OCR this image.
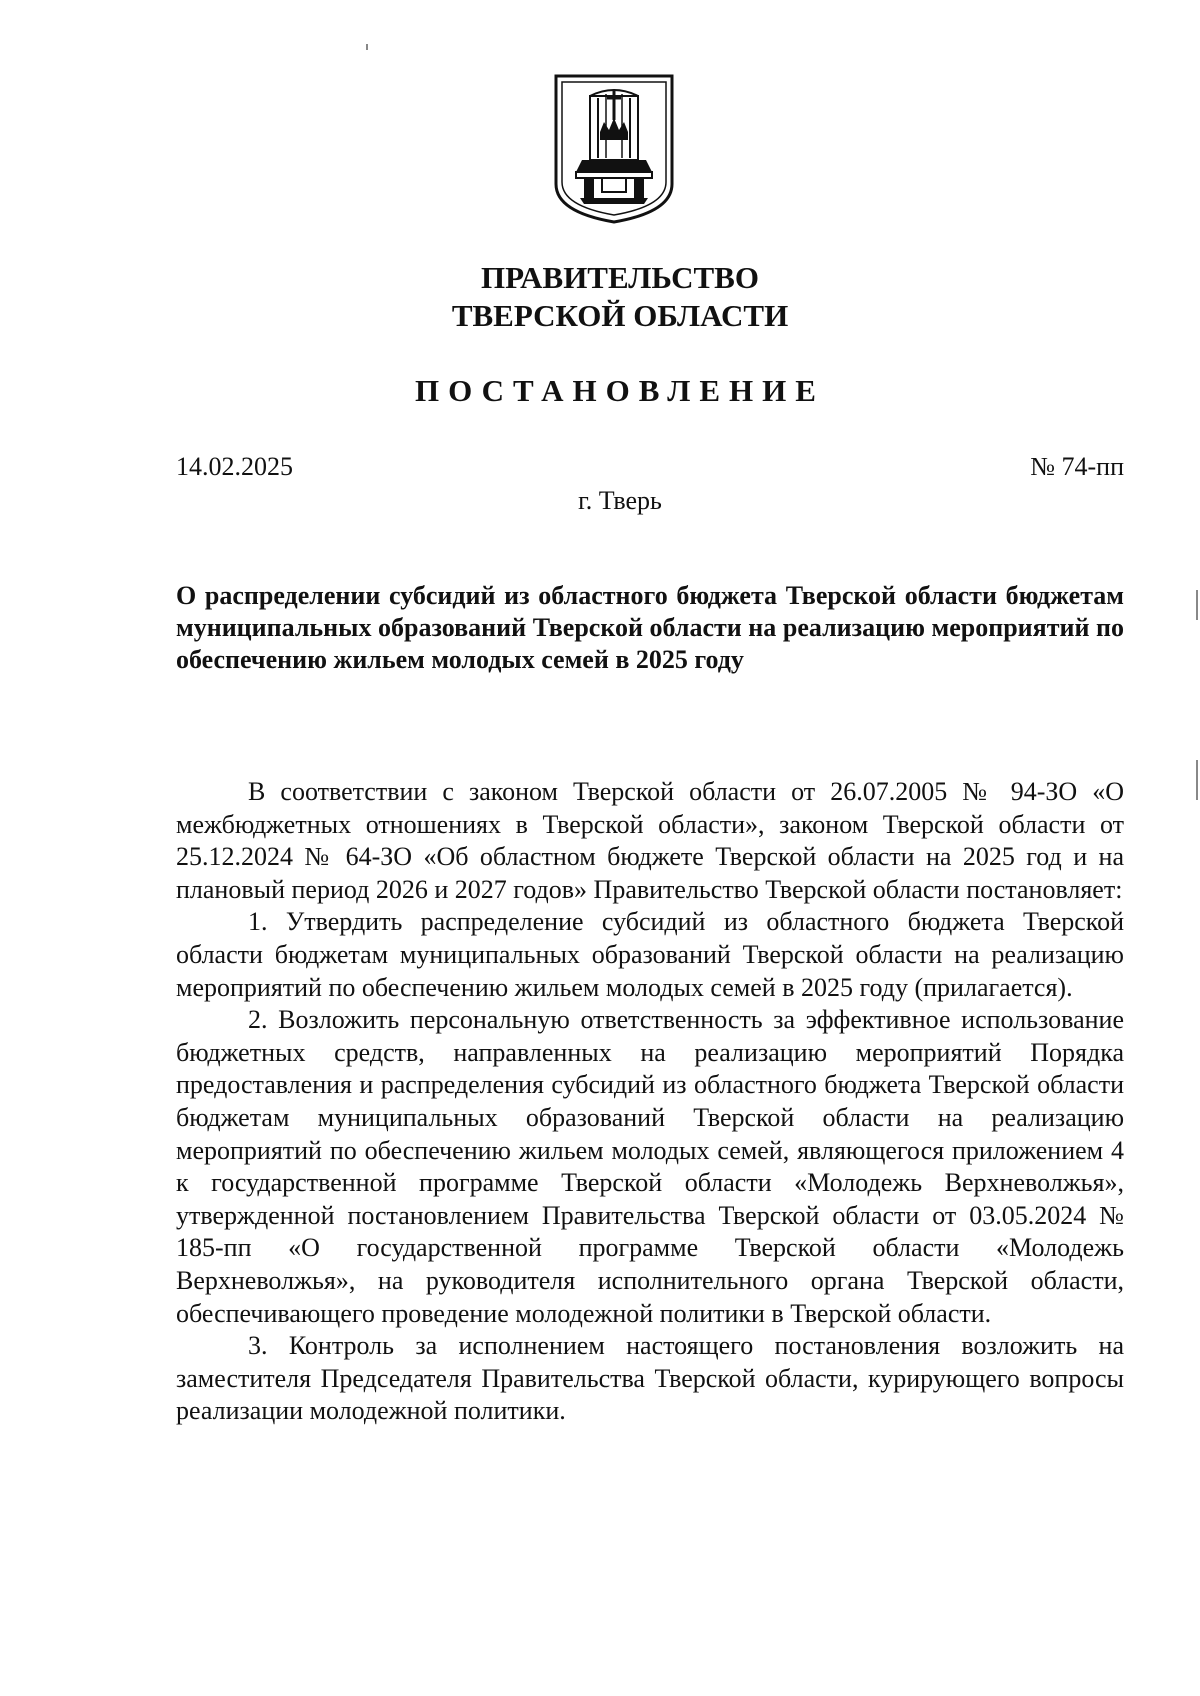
ПРАВИТЕЛЬСТВО
ТВЕРСКОЙ ОБЛАСТИ
ПОСТАНОВЛЕНИЕ
14.02.2025	№ 74-пп
г. Тверь
О распределении субсидий из областного бюджета Тверской области бюджетам муниципальных образований Тверской области на реализацию мероприятий по обеспечению жильем молодых семей в 2025 году

В соответствии с законом Тверской области от 26.07.2005 № 94-ЗО «О межбюджетных отношениях в Тверской области», законом Тверской области от 25.12.2024 № 64-ЗО «Об областном бюджете Тверской области на 2025 год и на плановый период 2026 и 2027 годов» Правительство Тверской области постановляет:

1. Утвердить распределение субсидий из областного бюджета Тверской области бюджетам муниципальных образований Тверской области на реализацию мероприятий по обеспечению жильем молодых семей в 2025 году (прилагается).

2. Возложить персональную ответственность за эффективное использование бюджетных средств, направленных на реализацию мероприятий Порядка предоставления и распределения субсидий из областного бюджета Тверской области бюджетам муниципальных образований Тверской области на реализацию мероприятий по обеспечению жильем молодых семей, являющегося приложением 4 к государственной программе Тверской области «Молодежь Верхневолжья», утвержденной постановлением Правительства Тверской области от 03.05.2024 № 185-пп «О государственной программе Тверской области «Молодежь Верхневолжья», на руководителя исполнительного органа Тверской области, обеспечивающего проведение молодежной политики в Тверской области.

3. Контроль за исполнением настоящего постановления возложить на заместителя Председателя Правительства Тверской области, курирующего вопросы реализации молодежной политики.
